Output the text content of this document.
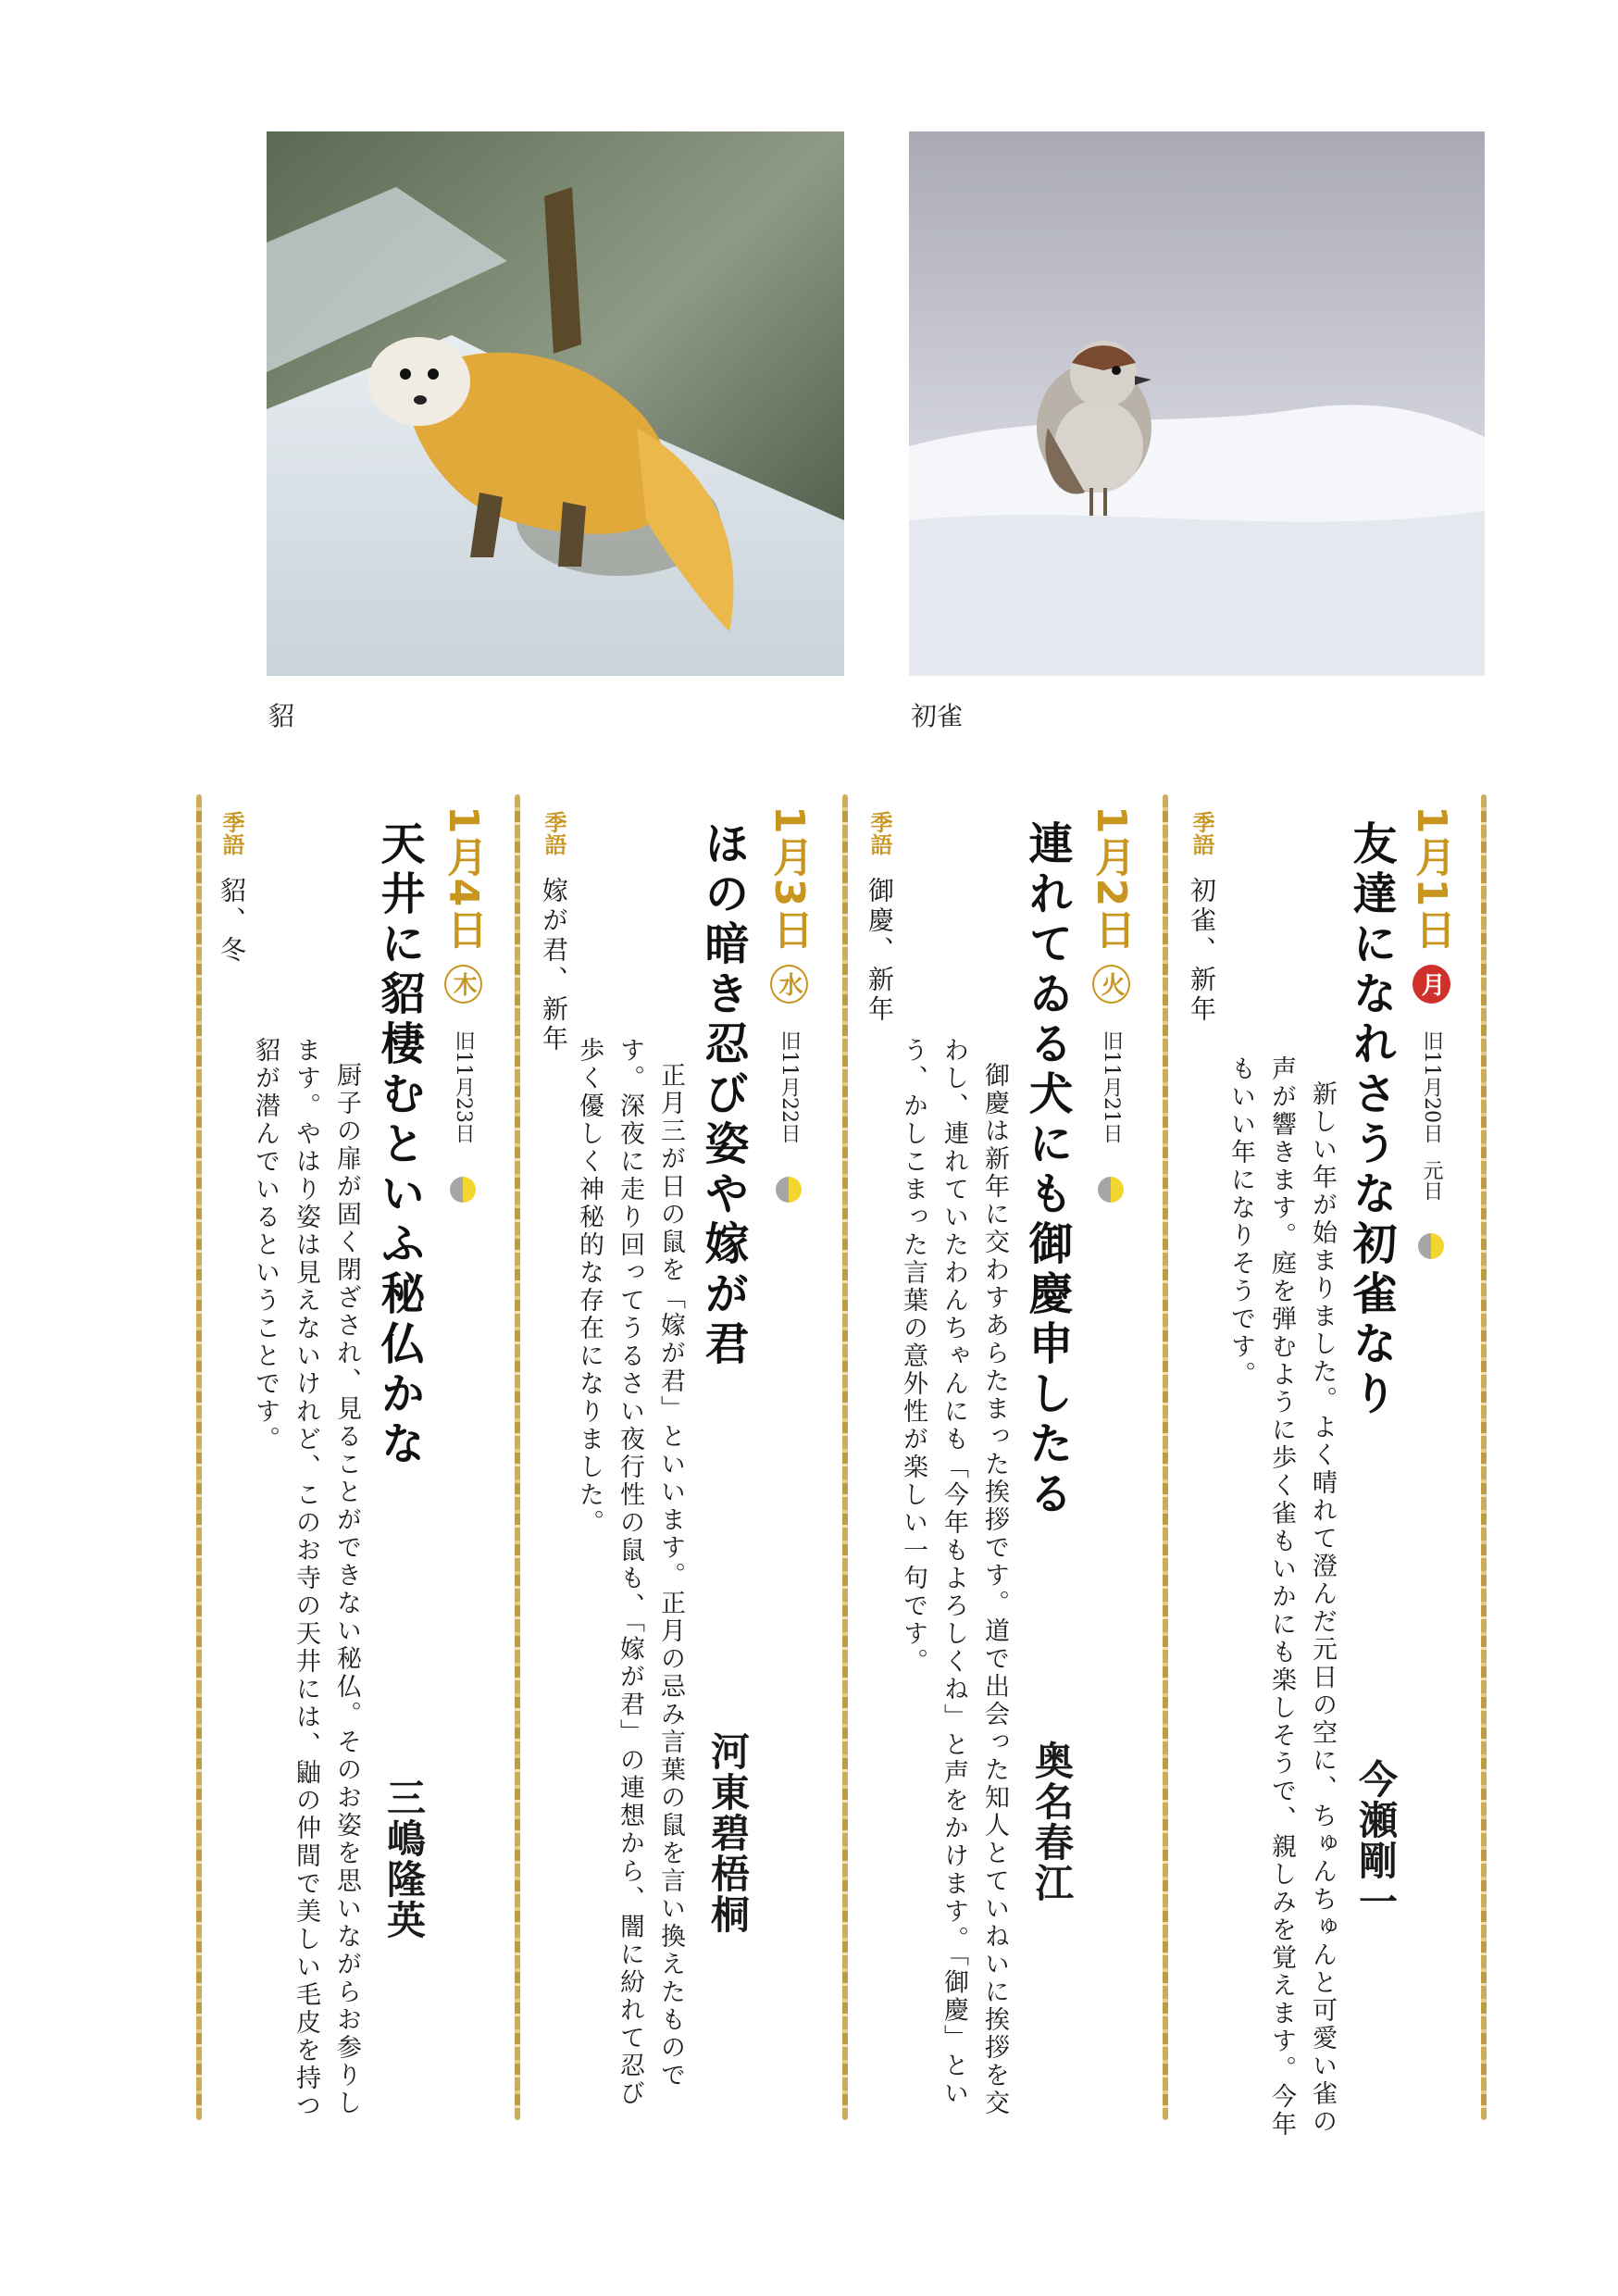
貂	初雀
1月1日 月 旧11月20日 元日
友達になれさうな初雀なり
今瀬剛一
新しい年が始まりました。よく晴れて澄んだ元日の空に、ちゅんちゅんと可愛い雀の声が響きます。庭を弾むように歩く雀もいかにも楽しそうで、親しみを覚えます。今年もいい年になりそうです。
季語 初雀、新年
1月2日 火 旧11月21日
連れてゐる犬にも御慶申したる
奥名春江
御慶は新年に交わすあらたまった挨拶です。道で出会った知人とていねいに挨拶を交わし、連れていたわんちゃんにも「今年もよろしくね」と声をかけます。「御慶」という、かしこまった言葉の意外性が楽しい一句です。
季語 御慶、新年
1月3日 水 旧11月22日
ほの暗き忍び姿や嫁が君
河東碧梧桐
正月三が日の鼠を「嫁が君」といいます。正月の忌み言葉の鼠を言い換えたものです。深夜に走り回ってうるさい夜行性の鼠も、「嫁が君」の連想から、闇に紛れて忍び歩く優しく神秘的な存在になりました。
季語 嫁が君、新年
1月4日 木 旧11月23日
天井に貂棲むといふ秘仏かな
三嶋隆英
厨子の扉が固く閉ざされ、見ることができない秘仏。そのお姿を思いながらお参りします。やはり姿は見えないけれど、このお寺の天井には、鼬の仲間で美しい毛皮を持つ貂が潜んでいるということです。
季語 貂、冬
